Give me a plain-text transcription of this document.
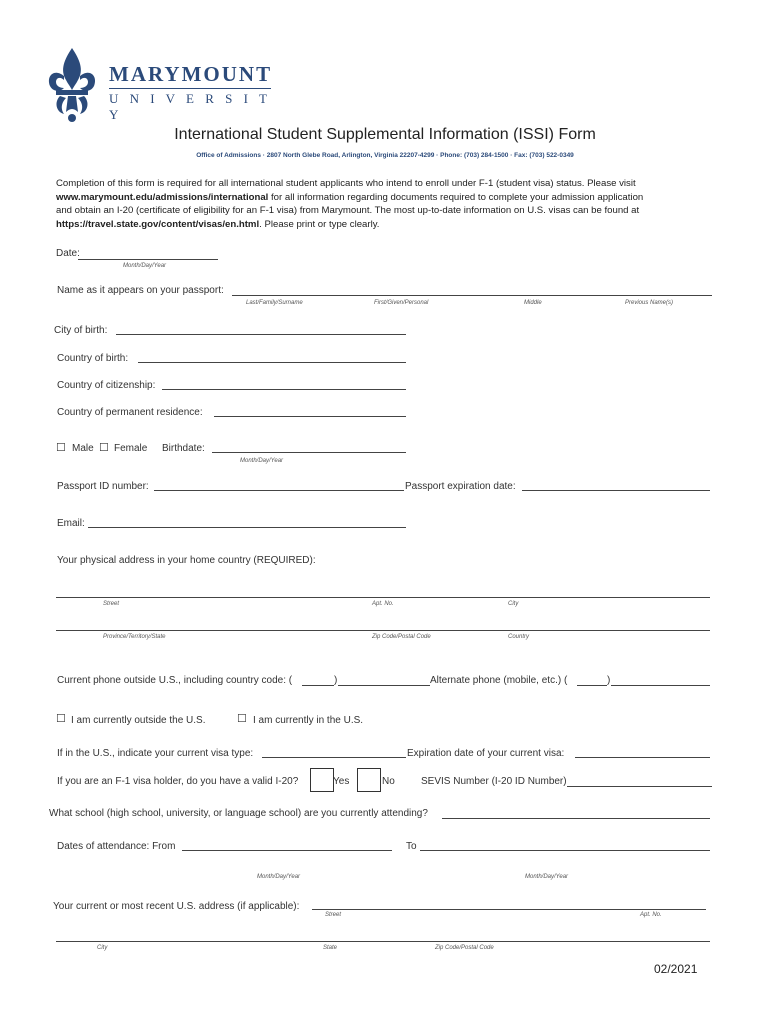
MARYMOUNT
U N I V E R S I T Y
International Student Supplemental Information (ISSI) Form
Office of Admissions · 2807 North Glebe Road, Arlington, Virginia 22207-4299 · Phone: (703) 284-1500 · Fax: (703) 522-0349
Completion of this form is required for all international student applicants who intend to enroll under F-1 (student visa) status. Please visit www.marymount.edu/admissions/international for all information regarding documents required to complete your admission application and obtain an I-20 (certificate of eligibility for an F-1 visa) from Marymount. The most up-to-date information on U.S. visas can be found at https://travel.state.gov/content/visas/en.html. Please print or type clearly.
Date:
Month/Day/Year
Name as it appears on your passport:
Last/Family/Surname	First/Given/Personal	Middle	Previous Name(s)
City of birth:
Country of birth:
Country of citizenship:
Country of permanent residence:
☐ Male ☐ Female Birthdate:
Month/Day/Year
Passport ID number:	Passport expiration date:
Email:
Your physical address in your home country (REQUIRED):
Street	Apt. No.	City
Province/Territory/State	Zip Code/Postal Code	Country
Current phone outside U.S., including country code: (	)	Alternate phone (mobile, etc.) (	)
☐ I am currently outside the U.S.	☐ I am currently in the U.S.
If in the U.S., indicate your current visa type:	Expiration date of your current visa:
If you are an F-1 visa holder, do you have a valid I-20?	Yes	No	SEVIS Number (I-20 ID Number)
What school (high school, university, or language school) are you currently attending?
Dates of attendance: From	To
Month/Day/Year	Month/Day/Year
Your current or most recent U.S. address (if applicable):
Street	Apt. No.
City	State	Zip Code/Postal Code
02/2021
